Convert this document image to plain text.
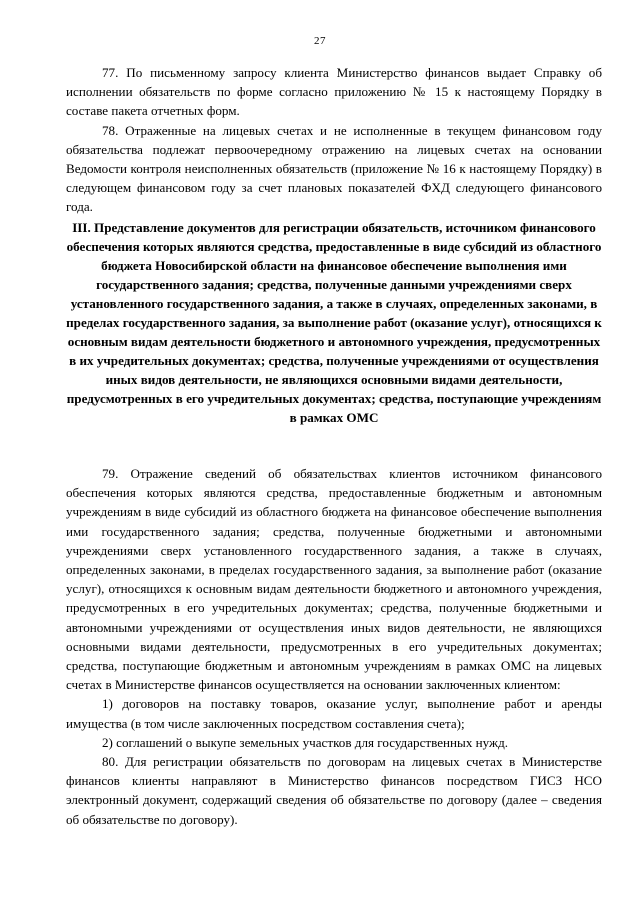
27

77. По письменному запросу клиента Министерство финансов выдает Справку об исполнении обязательств по форме согласно приложению № 15 к настоящему Порядку в составе пакета отчетных форм.

78. Отраженные на лицевых счетах и не исполненные в текущем финансовом году обязательства подлежат первоочередному отражению на лицевых счетах на основании Ведомости контроля неисполненных обязательств (приложение № 16 к настоящему Порядку) в следующем финансовом году за счет плановых показателей ФХД следующего финансового года.

III. Представление документов для регистрации обязательств, источником финансового обеспечения которых являются средства, предоставленные в виде субсидий из областного бюджета Новосибирской области на финансовое обеспечение выполнения ими государственного задания; средства, полученные данными учреждениями сверх установленного государственного задания, а также в случаях, определенных законами, в пределах государственного задания, за выполнение работ (оказание услуг), относящихся к основным видам деятельности бюджетного и автономного учреждения, предусмотренных в их учредительных документах; средства, полученные учреждениями от осуществления иных видов деятельности, не являющихся основными видами деятельности, предусмотренных в его учредительных документах; средства, поступающие учреждениям в рамках ОМС

79. Отражение сведений об обязательствах клиентов источником финансового обеспечения которых являются средства, предоставленные бюджетным и автономным учреждениям в виде субсидий из областного бюджета на финансовое обеспечение выполнения ими государственного задания; средства, полученные бюджетными и автономными учреждениями сверх установленного государственного задания, а также в случаях, определенных законами, в пределах государственного задания, за выполнение работ (оказание услуг), относящихся к основным видам деятельности бюджетного и автономного учреждения, предусмотренных в его учредительных документах; средства, полученные бюджетными и автономными учреждениями от осуществления иных видов деятельности, не являющихся основными видами деятельности, предусмотренных в его учредительных документах; средства, поступающие бюджетным и автономным учреждениям в рамках ОМС на лицевых счетах в Министерстве финансов осуществляется на основании заключенных клиентом:

1) договоров на поставку товаров, оказание услуг, выполнение работ и аренды имущества (в том числе заключенных посредством составления счета);

2) соглашений о выкупе земельных участков для государственных нужд.

80. Для регистрации обязательств по договорам на лицевых счетах в Министерстве финансов клиенты направляют в Министерство финансов посредством ГИСЗ НСО электронный документ, содержащий сведения об обязательстве по договору (далее – сведения об обязательстве по договору).
